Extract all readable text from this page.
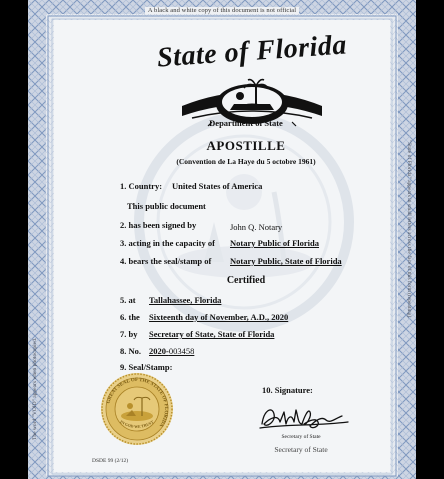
A black and white copy of this document is not official
The word "VOID" appears when photocopied.
"State of Florida" appears in small letters across the face of this form (repeating).
State of Florida
Department of State
APOSTILLE
(Convention de La Haye du 5 octobre 1961)
1. Country: United States of America
This public document
2. has been signed by	John Q. Notary
3. acting in the capacity of Notary Public of Florida
4. bears the seal/stamp of Notary Public, State of Florida
Certified
5. at Tallahassee, Florida
6. the Sixteenth day of November, A.D., 2020
7. by Secretary of State, State of Florida
8. No. 2020-003458
9. Seal/Stamp:
GREAT SEAL OF THE STATE OF FLORIDA
IN GOD WE TRUST
10. Signature:
Secretary of State
Secretary of State
DSDE 99 (2/12)
